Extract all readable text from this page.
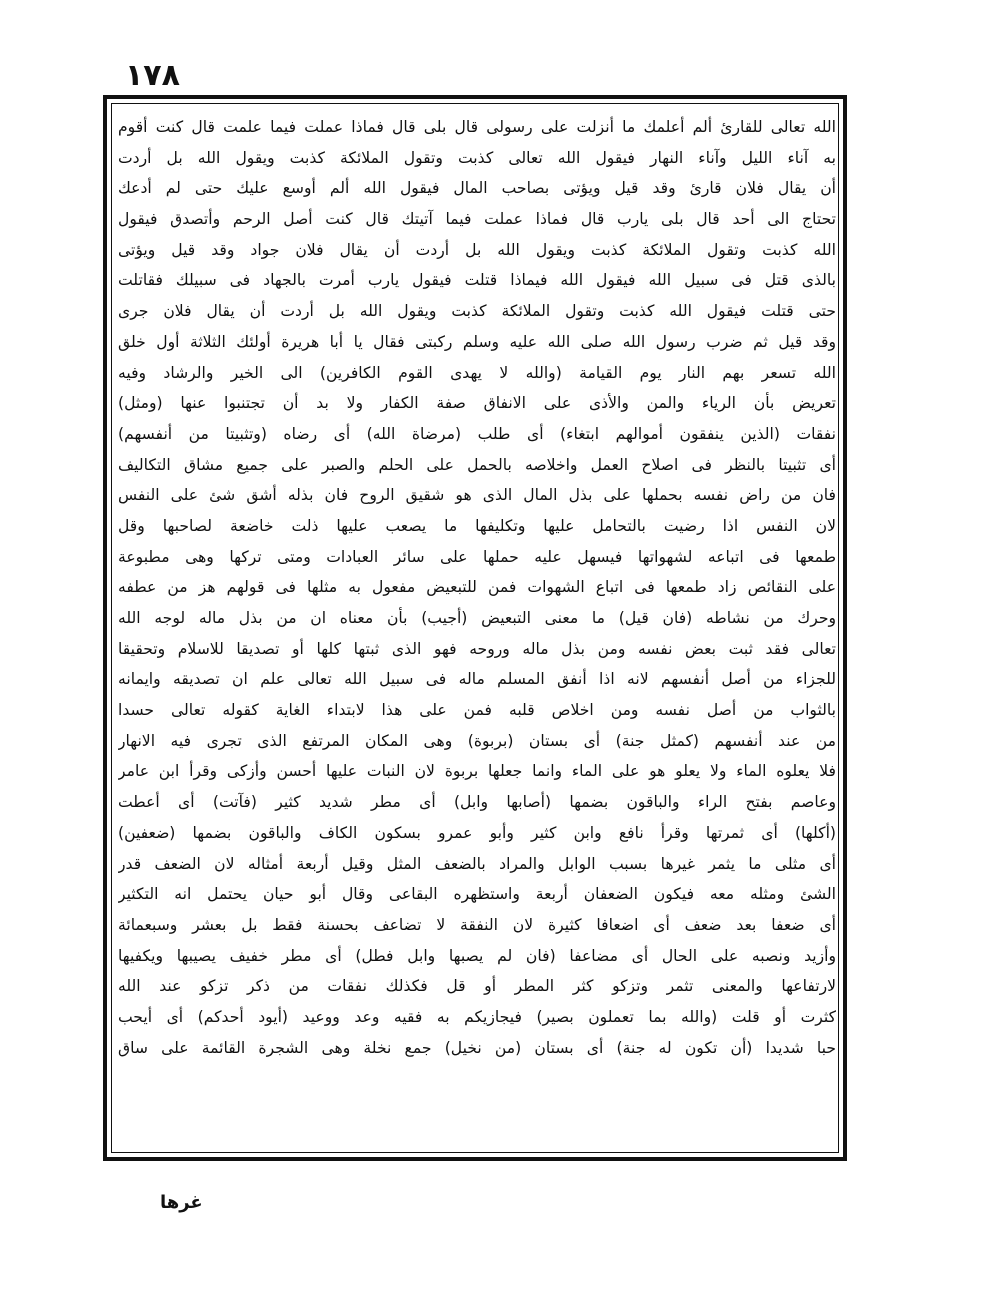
١٧٨
الله تعالى للقارئ ألم أعلمك ما أنزلت على رسولى قال بلى قال فماذا عملت فيما علمت قال كنت أقوم
به آناء الليل وآناء النهار فيقول الله تعالى كذبت وتقول الملائكة كذبت ويقول الله بل أردت
أن يقال فلان قارئ وقد قيل ويؤتى بصاحب المال فيقول الله ألم أوسع عليك حتى لم أدعك
تحتاج الى أحد قال بلى يارب قال فماذا عملت فيما آتيتك قال كنت أصل الرحم وأتصدق فيقول
الله كذبت وتقول الملائكة كذبت ويقول الله بل أردت أن يقال فلان جواد وقد قيل ويؤتى
بالذى قتل فى سبيل الله فيقول الله فيماذا قتلت فيقول يارب أمرت بالجهاد فى سبيلك فقاتلت
حتى قتلت فيقول الله كذبت وتقول الملائكة كذبت ويقول الله بل أردت أن يقال فلان جرى
وقد قيل ثم ضرب رسول الله صلى الله عليه وسلم ركبتى فقال يا أبا هريرة أولئك الثلاثة أول خلق
الله تسعر بهم النار يوم القيامة (والله لا يهدى القوم الكافرين) الى الخير والرشاد وفيه
تعريض بأن الرياء والمن والأذى على الانفاق صفة الكفار ولا بد أن تجتنبوا عنها (ومثل)
نفقات (الذين ينفقون أموالهم ابتغاء) أى طلب (مرضاة الله) أى رضاه (وتثبيتا من أنفسهم)
أى تثبيتا بالنظر فى اصلاح العمل واخلاصه بالحمل على الحلم والصبر على جميع مشاق التكاليف
فان من راض نفسه بحملها على بذل المال الذى هو شقيق الروح فان بذله أشق شئ على النفس
لان النفس اذا رضيت بالتحامل عليها وتكليفها ما يصعب عليها ذلت خاضعة لصاحبها وقل
طمعها فى اتباعه لشهواتها فيسهل عليه حملها على سائر العبادات ومتى تركها وهى مطبوعة
على النقائص زاد طمعها فى اتباع الشهوات فمن للتبعيض مفعول به مثلها فى قولهم هز من عطفه
وحرك من نشاطه (فان قيل) ما معنى التبعيض (أجيب) بأن معناه ان من بذل ماله لوجه الله
تعالى فقد ثبت بعض نفسه ومن بذل ماله وروحه فهو الذى ثبتها كلها أو تصديقا للاسلام وتحقيقا
للجزاء من أصل أنفسهم لانه اذا أنفق المسلم ماله فى سبيل الله تعالى علم ان تصديقه وايمانه
بالثواب من أصل نفسه ومن اخلاص قلبه فمن على هذا لابتداء الغاية كقوله تعالى حسدا
من عند أنفسهم (كمثل جنة) أى بستان (بربوة) وهى المكان المرتفع الذى تجرى فيه الانهار
فلا يعلوه الماء ولا يعلو هو على الماء وانما جعلها بربوة لان النبات عليها أحسن وأزكى وقرأ ابن عامر
وعاصم بفتح الراء والباقون بضمها (أصابها وابل) أى مطر شديد كثير (فآتت) أى أعطت
(أكلها) أى ثمرتها وقرأ نافع وابن كثير وأبو عمرو بسكون الكاف والباقون بضمها (ضعفين)
أى مثلى ما يثمر غيرها بسبب الوابل والمراد بالضعف المثل وقيل أربعة أمثاله لان الضعف قدر
الشئ ومثله معه فيكون الضعفان أربعة واستظهره البقاعى وقال أبو حيان يحتمل انه التكثير
أى ضعفا بعد ضعف أى اضعافا كثيرة لان النفقة لا تضاعف بحسنة فقط بل بعشر وسبعمائة
وأزيد ونصبه على الحال أى مضاعفا (فان لم يصبها وابل فطل) أى مطر خفيف يصيبها ويكفيها
لارتفاعها والمعنى تثمر وتزكو كثر المطر أو قل فكذلك نفقات من ذكر تزكو عند الله
كثرت أو قلت (والله بما تعملون بصير) فيجازيكم به فقيه وعد ووعيد (أيود أحدكم) أى أيحب
حبا شديدا (أن تكون له جنة) أى بستان (من نخيل) جمع نخلة وهى الشجرة القائمة على ساق
غرها
